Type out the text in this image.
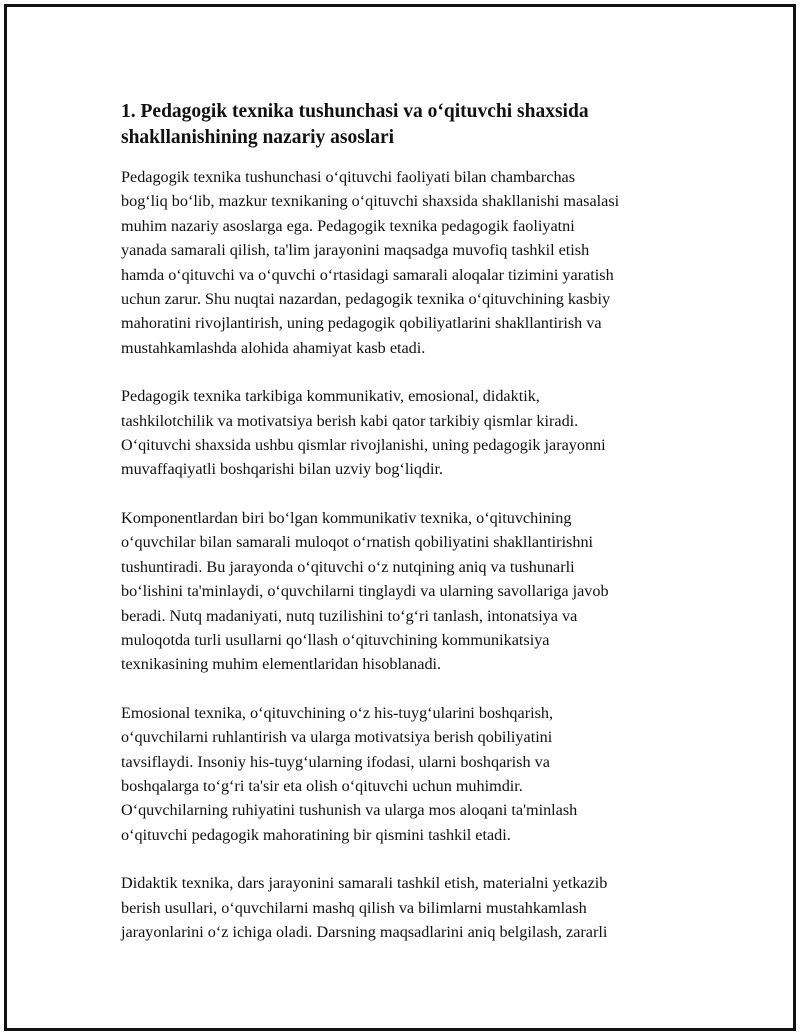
1. Pedagogik texnika tushunchasi va o‘qituvchi shaxsida
shakllanishining nazariy asoslari

Pedagogik texnika tushunchasi o‘qituvchi faoliyati bilan chambarchas
bog‘liq bo‘lib, mazkur texnikaning o‘qituvchi shaxsida shakllanishi masalasi
muhim nazariy asoslarga ega. Pedagogik texnika pedagogik faoliyatni
yanada samarali qilish, ta'lim jarayonini maqsadga muvofiq tashkil etish
hamda o‘qituvchi va o‘quvchi o‘rtasidagi samarali aloqalar tizimini yaratish
uchun zarur. Shu nuqtai nazardan, pedagogik texnika o‘qituvchining kasbiy
mahoratini rivojlantirish, uning pedagogik qobiliyatlarini shakllantirish va
mustahkamlashda alohida ahamiyat kasb etadi.

Pedagogik texnika tarkibiga kommunikativ, emosional, didaktik,
tashkilotchilik va motivatsiya berish kabi qator tarkibiy qismlar kiradi.
O‘qituvchi shaxsida ushbu qismlar rivojlanishi, uning pedagogik jarayonni
muvaffaqiyatli boshqarishi bilan uzviy bog‘liqdir.

Komponentlardan biri bo‘lgan kommunikativ texnika, o‘qituvchining
o‘quvchilar bilan samarali muloqot o‘rnatish qobiliyatini shakllantirishni
tushuntiradi. Bu jarayonda o‘qituvchi o‘z nutqining aniq va tushunarli
bo‘lishini ta'minlaydi, o‘quvchilarni tinglaydi va ularning savollariga javob
beradi. Nutq madaniyati, nutq tuzilishini to‘g‘ri tanlash, intonatsiya va
muloqotda turli usullarni qo‘llash o‘qituvchining kommunikatsiya
texnikasining muhim elementlaridan hisoblanadi.

Emosional texnika, o‘qituvchining o‘z his-tuyg‘ularini boshqarish,
o‘quvchilarni ruhlantirish va ularga motivatsiya berish qobiliyatini
tavsiflaydi. Insoniy his-tuyg‘ularning ifodasi, ularni boshqarish va
boshqalarga to‘g‘ri ta'sir eta olish o‘qituvchi uchun muhimdir.
O‘quvchilarning ruhiyatini tushunish va ularga mos aloqani ta'minlash
o‘qituvchi pedagogik mahoratining bir qismini tashkil etadi.

Didaktik texnika, dars jarayonini samarali tashkil etish, materialni yetkazib
berish usullari, o‘quvchilarni mashq qilish va bilimlarni mustahkamlash
jarayonlarini o‘z ichiga oladi. Darsning maqsadlarini aniq belgilash, zararli
